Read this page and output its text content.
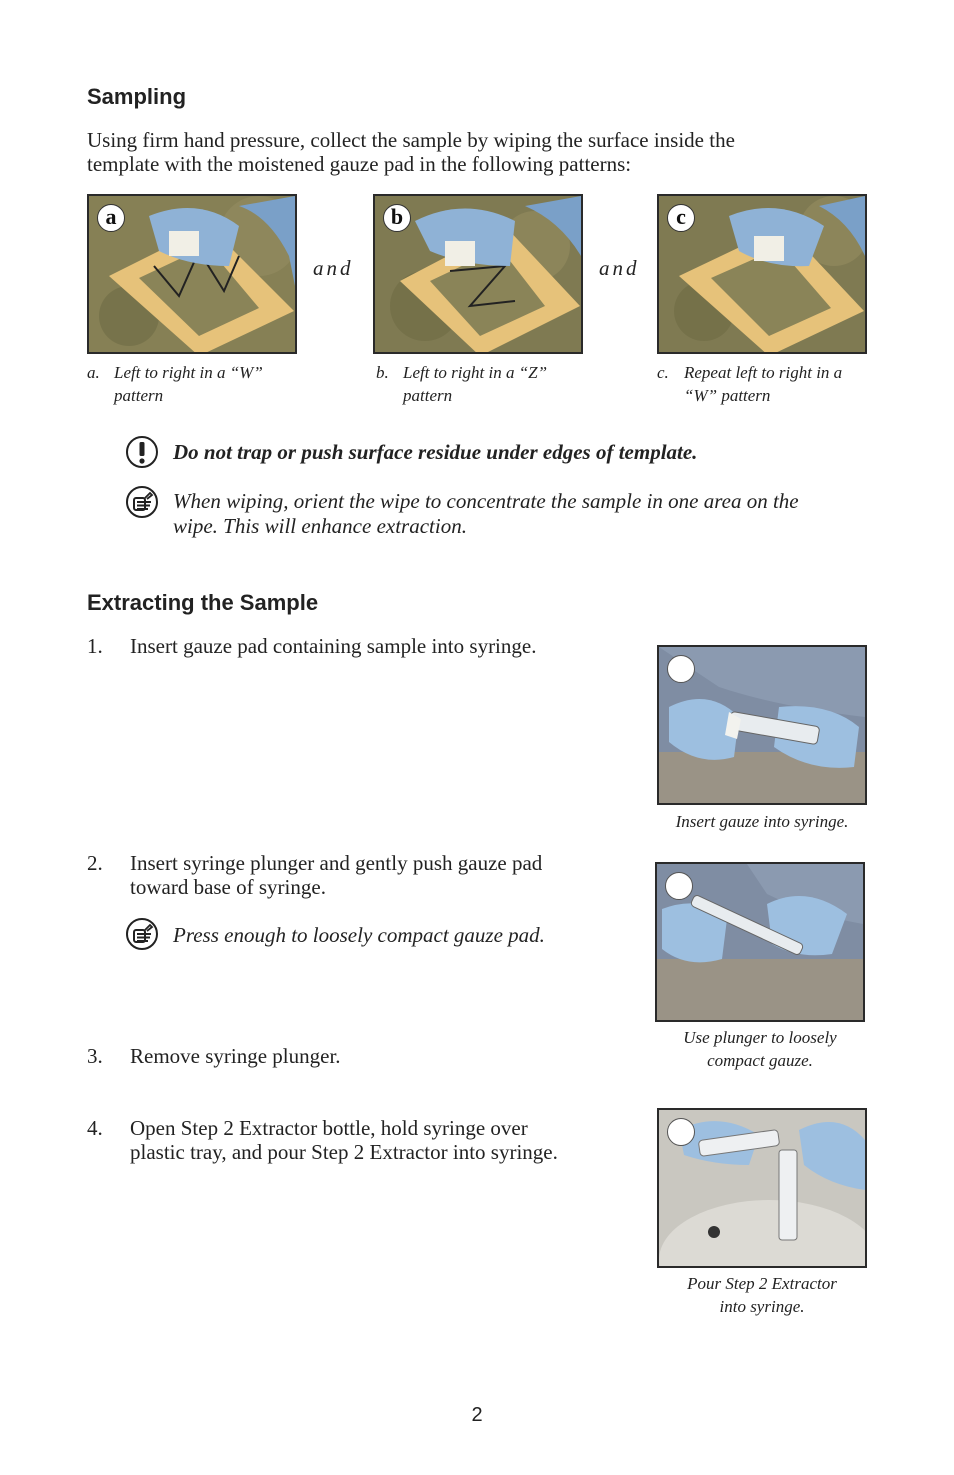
Sampling
Using firm hand pressure, collect the sample by wiping the surface inside the
template with the moistened gauze pad in the following patterns:
a
and
b
and
c
a. Left to right in a “W”
pattern
b. Left to right in a “Z”
pattern
c. Repeat left to right in a
“W” pattern
Do not trap or push surface residue under edges of template.
When wiping, orient the wipe to concentrate the sample in one area on the
wipe. This will enhance extraction.
Extracting the Sample
1. Insert gauze pad containing sample into syringe.
Insert gauze into syringe.
2. Insert syringe plunger and gently push gauze pad
toward base of syringe.
Press enough to loosely compact gauze pad.
Use plunger to loosely
compact gauze.
3. Remove syringe plunger.
4. Open Step 2 Extractor bottle, hold syringe over
plastic tray, and pour Step 2 Extractor into syringe.
Pour Step 2 Extractor
into syringe.
2
